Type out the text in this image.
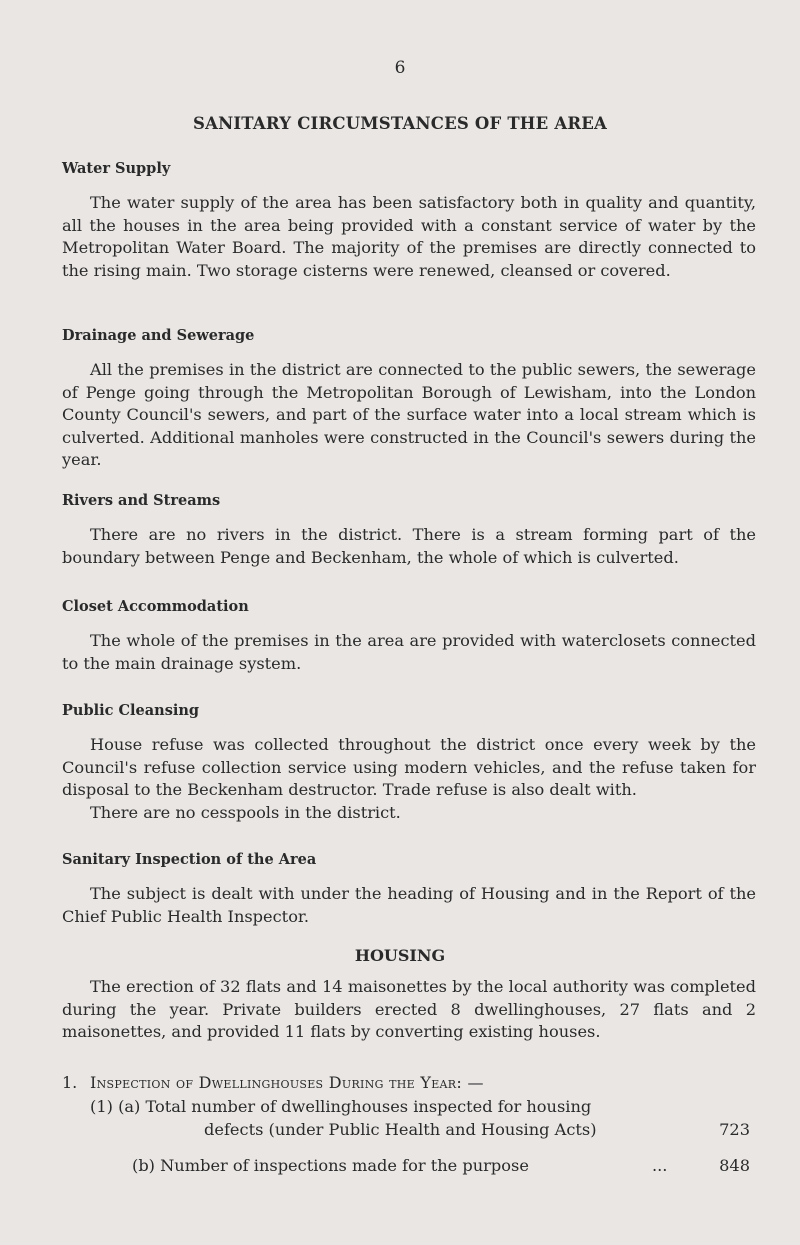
6
SANITARY CIRCUMSTANCES OF THE AREA

Water Supply

The water supply of the area has been satisfactory both in quality and quantity, all the houses in the area being provided with a constant service of water by the Metropolitan Water Board. The majority of the premises are directly connected to the rising main. Two storage cisterns were renewed, cleansed or covered.

Drainage and Sewerage

All the premises in the district are connected to the public sewers, the sewerage of Penge going through the Metropolitan Borough of Lewisham, into the London County Council's sewers, and part of the surface water into a local stream which is culverted. Additional manholes were constructed in the Council's sewers during the year.

Rivers and Streams

There are no rivers in the district. There is a stream forming part of the boundary between Penge and Beckenham, the whole of which is culverted.

Closet Accommodation

The whole of the premises in the area are provided with waterclosets connected to the main drainage system.

Public Cleansing

House refuse was collected throughout the district once every week by the Council's refuse collection service using modern vehicles, and the refuse taken for disposal to the Beckenham destructor. Trade refuse is also dealt with.

There are no cesspools in the district.

Sanitary Inspection of the Area

The subject is dealt with under the heading of Housing and in the Report of the Chief Public Health Inspector.

HOUSING

The erection of 32 flats and 14 maisonettes by the local authority was completed during the year. Private builders erected 8 dwellinghouses, 27 flats and 2 maisonettes, and provided 11 flats by converting existing houses.

1. Inspection of Dwellinghouses During the Year: —
(1) (a) Total number of dwellinghouses inspected for housing
defects (under Public Health and Housing Acts)	723
(b) Number of inspections made for the purpose	...	848
